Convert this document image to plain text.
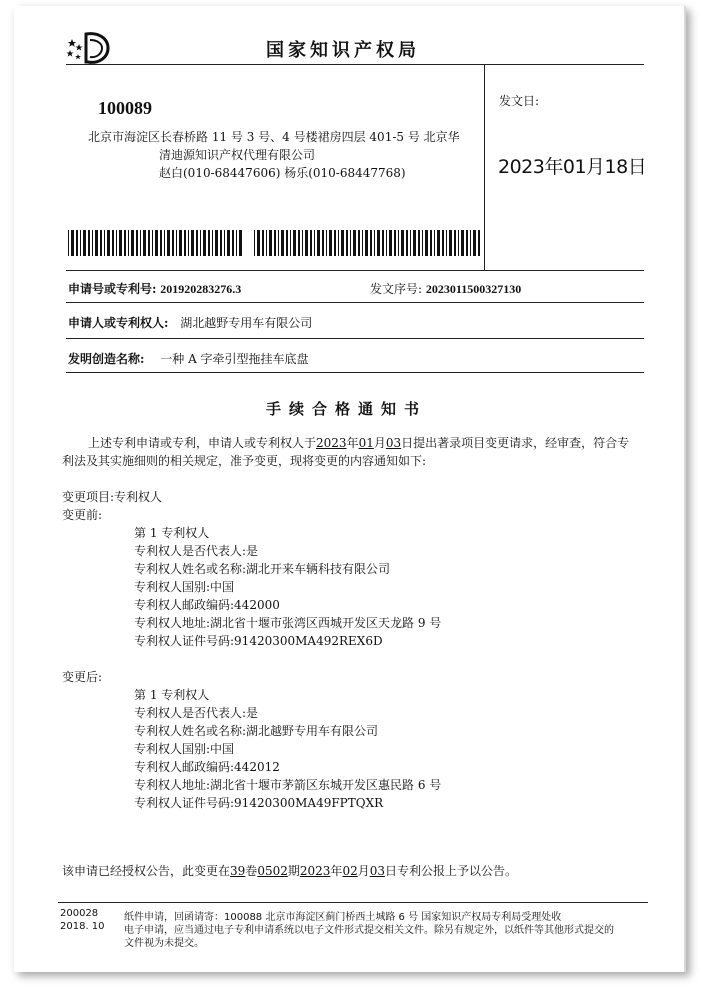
国家知识产权局
100089
北京市海淀区长春桥路 11 号 3 号、4 号楼裙房四层 401-5 号 北京华
清迪源知识产权代理有限公司
赵白(010-68447606) 杨乐(010-68447768)
发文日:
2023年01月18日
申请号或专利号: 201920283276.3	发文序号: 2023011500327130
申请人或专利权人: 湖北越野专用车有限公司
发明创造名称: 一种 A 字牵引型拖挂车底盘
手续合格通知书
上述专利申请或专利，申请人或专利权人于2023年01月03日提出著录项目变更请求，经审查，符合专
利法及其实施细则的相关规定，准予变更，现将变更的内容通知如下:
变更项目:专利权人
变更前:
第 1 专利权人
专利权人是否代表人:是
专利权人姓名或名称:湖北开来车辆科技有限公司
专利权人国别:中国
专利权人邮政编码:442000
专利权人地址:湖北省十堰市张湾区西城开发区天龙路 9 号
专利权人证件号码:91420300MA492REX6D
变更后:
第 1 专利权人
专利权人是否代表人:是
专利权人姓名或名称:湖北越野专用车有限公司
专利权人国别:中国
专利权人邮政编码:442012
专利权人地址:湖北省十堰市茅箭区东城开发区惠民路 6 号
专利权人证件号码:91420300MA49FPTQXR
该申请已经授权公告，此变更在39卷0502期2023年02月03日专利公报上予以公告。
200028
2018. 10
纸件申请，回函请寄：100088 北京市海淀区蓟门桥西土城路 6 号 国家知识产权局专利局受理处收
电子申请，应当通过电子专利申请系统以电子文件形式提交相关文件。除另有规定外，以纸件等其他形式提交的
文件视为未提交。
